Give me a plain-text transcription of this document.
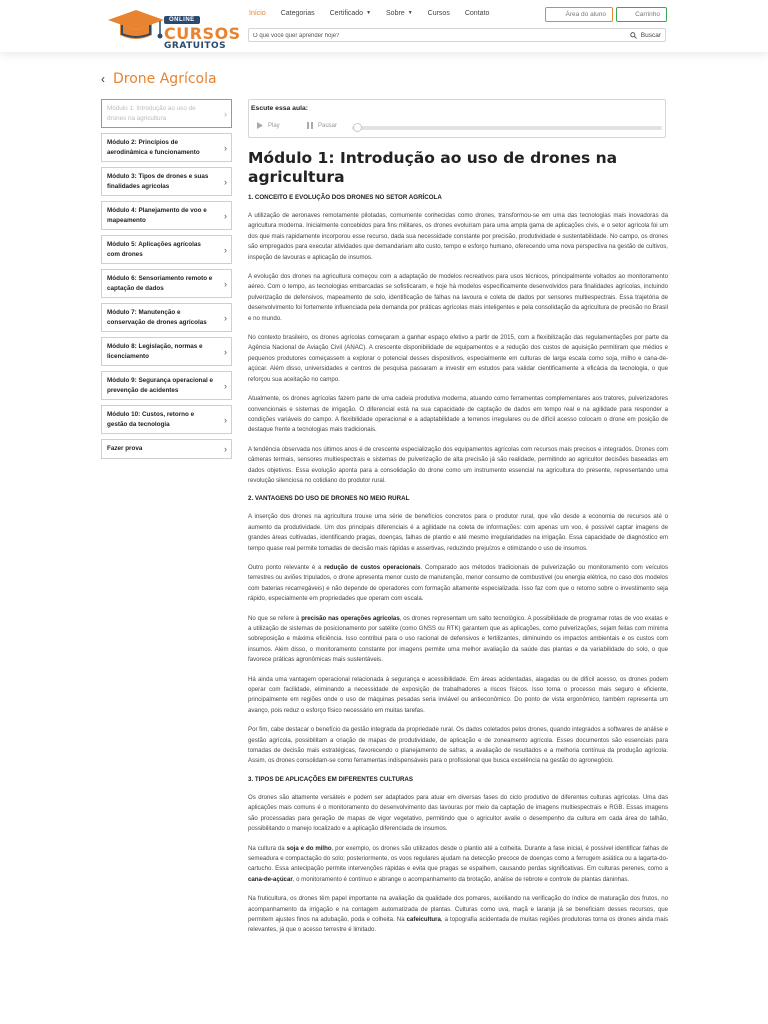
ONLINE
CURSOS
GRATUITOS
Início Categorias Certificado ▼ Sobre ▼ Cursos Contato	Área do aluno	Carrinho
O que você quer aprender hoje?
Buscar
‹ Drone Agrícola
Módulo 1: Introdução ao uso de drones na agricultura	›
Módulo 2: Princípios de aerodinâmica e funcionamento	›
Módulo 3: Tipos de drones e suas finalidades agrícolas	›
Módulo 4: Planejamento de voo e mapeamento	›
Módulo 5: Aplicações agrícolas com drones	›
Módulo 6: Sensoriamento remoto e captação de dados	›
Módulo 7: Manutenção e conservação de drones agrícolas ›
Módulo 8: Legislação, normas e licenciamento	›
Módulo 9: Segurança operacional e prevenção de acidentes	›
Módulo 10: Custos, retorno e gestão da tecnologia	›
Fazer prova	›
Escute essa aula:
Play	Pausar
Módulo 1: Introdução ao uso de drones na agricultura
1. CONCEITO E EVOLUÇÃO DOS DRONES NO SETOR AGRÍCOLA

A utilização de aeronaves remotamente pilotadas, comumente conhecidas como drones, transformou-se em uma das tecnologias mais inovadoras da agricultura moderna. Inicialmente concebidos para fins militares, os drones evoluíram para uma ampla gama de aplicações civis, e o setor agrícola foi um dos que mais rapidamente incorporou esse recurso, dada sua necessidade constante por precisão, produtividade e sustentabilidade. No campo, os drones são empregados para executar atividades que demandariam alto custo, tempo e esforço humano, oferecendo uma nova perspectiva na gestão de cultivos, inspeção de lavouras e aplicação de insumos.

A evolução dos drones na agricultura começou com a adaptação de modelos recreativos para usos técnicos, principalmente voltados ao monitoramento aéreo. Com o tempo, as tecnologias embarcadas se sofisticaram, e hoje há modelos especificamente desenvolvidos para finalidades agrícolas, incluindo pulverização de defensivos, mapeamento de solo, identificação de falhas na lavoura e coleta de dados por sensores multiespectrais. Essa trajetória de desenvolvimento foi fortemente influenciada pela demanda por práticas agrícolas mais inteligentes e pela consolidação da agricultura de precisão no Brasil e no mundo.

No contexto brasileiro, os drones agrícolas começaram a ganhar espaço efetivo a partir de 2015, com a flexibilização das regulamentações por parte da Agência Nacional de Aviação Civil (ANAC). A crescente disponibilidade de equipamentos e a redução dos custos de aquisição permitiram que médios e pequenos produtores começassem a explorar o potencial desses dispositivos, especialmente em culturas de larga escala como soja, milho e cana-de-açúcar. Além disso, universidades e centros de pesquisa passaram a investir em estudos para validar cientificamente a eficácia da tecnologia, o que reforçou sua aceitação no campo.

Atualmente, os drones agrícolas fazem parte de uma cadeia produtiva moderna, atuando como ferramentas complementares aos tratores, pulverizadores convencionais e sistemas de irrigação. O diferencial está na sua capacidade de captação de dados em tempo real e na agilidade para responder a condições variáveis do campo. A flexibilidade operacional e a adaptabilidade a terrenos irregulares ou de difícil acesso colocam o drone em posição de destaque frente a tecnologias mais tradicionais.

A tendência observada nos últimos anos é de crescente especialização dos equipamentos agrícolas com recursos mais precisos e integrados. Drones com câmeras termais, sensores multiespectrais e sistemas de pulverização de alta precisão já são realidade, permitindo ao agricultor decisões baseadas em dados objetivos. Essa evolução aponta para a consolidação do drone como um instrumento essencial na agricultura do presente, representando uma revolução silenciosa no cotidiano do produtor rural.

2. VANTAGENS DO USO DE DRONES NO MEIO RURAL

A inserção dos drones na agricultura trouxe uma série de benefícios concretos para o produtor rural, que vão desde a economia de recursos até o aumento da produtividade. Um dos principais diferenciais é a agilidade na coleta de informações: com apenas um voo, é possível captar imagens de grandes áreas cultivadas, identificando pragas, doenças, falhas de plantio e até mesmo irregularidades na irrigação. Essa capacidade de diagnóstico em tempo quase real permite tomadas de decisão mais rápidas e assertivas, reduzindo prejuízos e otimizando o uso de insumos.

Outro ponto relevante é a redução de custos operacionais. Comparado aos métodos tradicionais de pulverização ou monitoramento com veículos terrestres ou aviões tripulados, o drone apresenta menor custo de manutenção, menor consumo de combustível (ou energia elétrica, no caso dos modelos com baterias recarregáveis) e não depende de operadores com formação altamente especializada. Isso faz com que o retorno sobre o investimento seja rápido, especialmente em propriedades que operam com escala.

No que se refere à precisão nas operações agrícolas, os drones representam um salto tecnológico. A possibilidade de programar rotas de voo exatas e a utilização de sistemas de posicionamento por satélite (como GNSS ou RTK) garantem que as aplicações, como pulverizações, sejam feitas com mínima sobreposição e máxima eficiência. Isso contribui para o uso racional de defensivos e fertilizantes, diminuindo os impactos ambientais e os custos com insumos. Além disso, o monitoramento constante por imagens permite uma melhor avaliação da saúde das plantas e da variabilidade do solo, o que favorece práticas agronômicas mais sustentáveis.

Há ainda uma vantagem operacional relacionada à segurança e acessibilidade. Em áreas acidentadas, alagadas ou de difícil acesso, os drones podem operar com facilidade, eliminando a necessidade de exposição de trabalhadores a riscos físicos. Isso torna o processo mais seguro e eficiente, principalmente em regiões onde o uso de máquinas pesadas seria inviável ou antieconômico. Do ponto de vista ergonômico, também representa um avanço, pois reduz o esforço físico necessário em muitas tarefas.

Por fim, cabe destacar o benefício da gestão integrada da propriedade rural. Os dados coletados pelos drones, quando integrados a softwares de análise e gestão agrícola, possibilitam a criação de mapas de produtividade, de aplicação e de zoneamento agrícola. Esses documentos são essenciais para tomadas de decisão mais estratégicas, favorecendo o planejamento de safras, a avaliação de resultados e a melhoria contínua da produção agrícola. Assim, os drones consolidam-se como ferramentas indispensáveis para o profissional que busca excelência na gestão do agronegócio.

3. TIPOS DE APLICAÇÕES EM DIFERENTES CULTURAS

Os drones são altamente versáteis e podem ser adaptados para atuar em diversas fases do ciclo produtivo de diferentes culturas agrícolas. Uma das aplicações mais comuns é o monitoramento do desenvolvimento das lavouras por meio da captação de imagens multiespectrais e RGB. Essas imagens são processadas para geração de mapas de vigor vegetativo, permitindo que o agricultor avalie o desempenho da cultura em cada área do talhão, possibilitando o manejo localizado e a aplicação diferenciada de insumos.

Na cultura da soja e do milho, por exemplo, os drones são utilizados desde o plantio até a colheita. Durante a fase inicial, é possível identificar falhas de semeadura e compactação do solo; posteriormente, os voos regulares ajudam na detecção precoce de doenças como a ferrugem asiática ou a lagarta-do-cartucho. Essa antecipação permite intervenções rápidas e evita que pragas se espalhem, causando perdas significativas. Em culturas perenes, como a cana-de-açúcar, o monitoramento é contínuo e abrange o acompanhamento da brotação, análise de rebrote e controle de plantas daninhas.

Na fruticultura, os drones têm papel importante na avaliação da qualidade dos pomares, auxiliando na verificação do índice de maturação dos frutos, no acompanhamento da irrigação e na contagem automatizada de plantas. Culturas como uva, maçã e laranja já se beneficiam desses recursos, que permitem ajustes finos na adubação, poda e colheita. Na cafeicultura, a topografia acidentada de muitas regiões produtoras torna os drones ainda mais relevantes, já que o acesso terrestre é limitado.
